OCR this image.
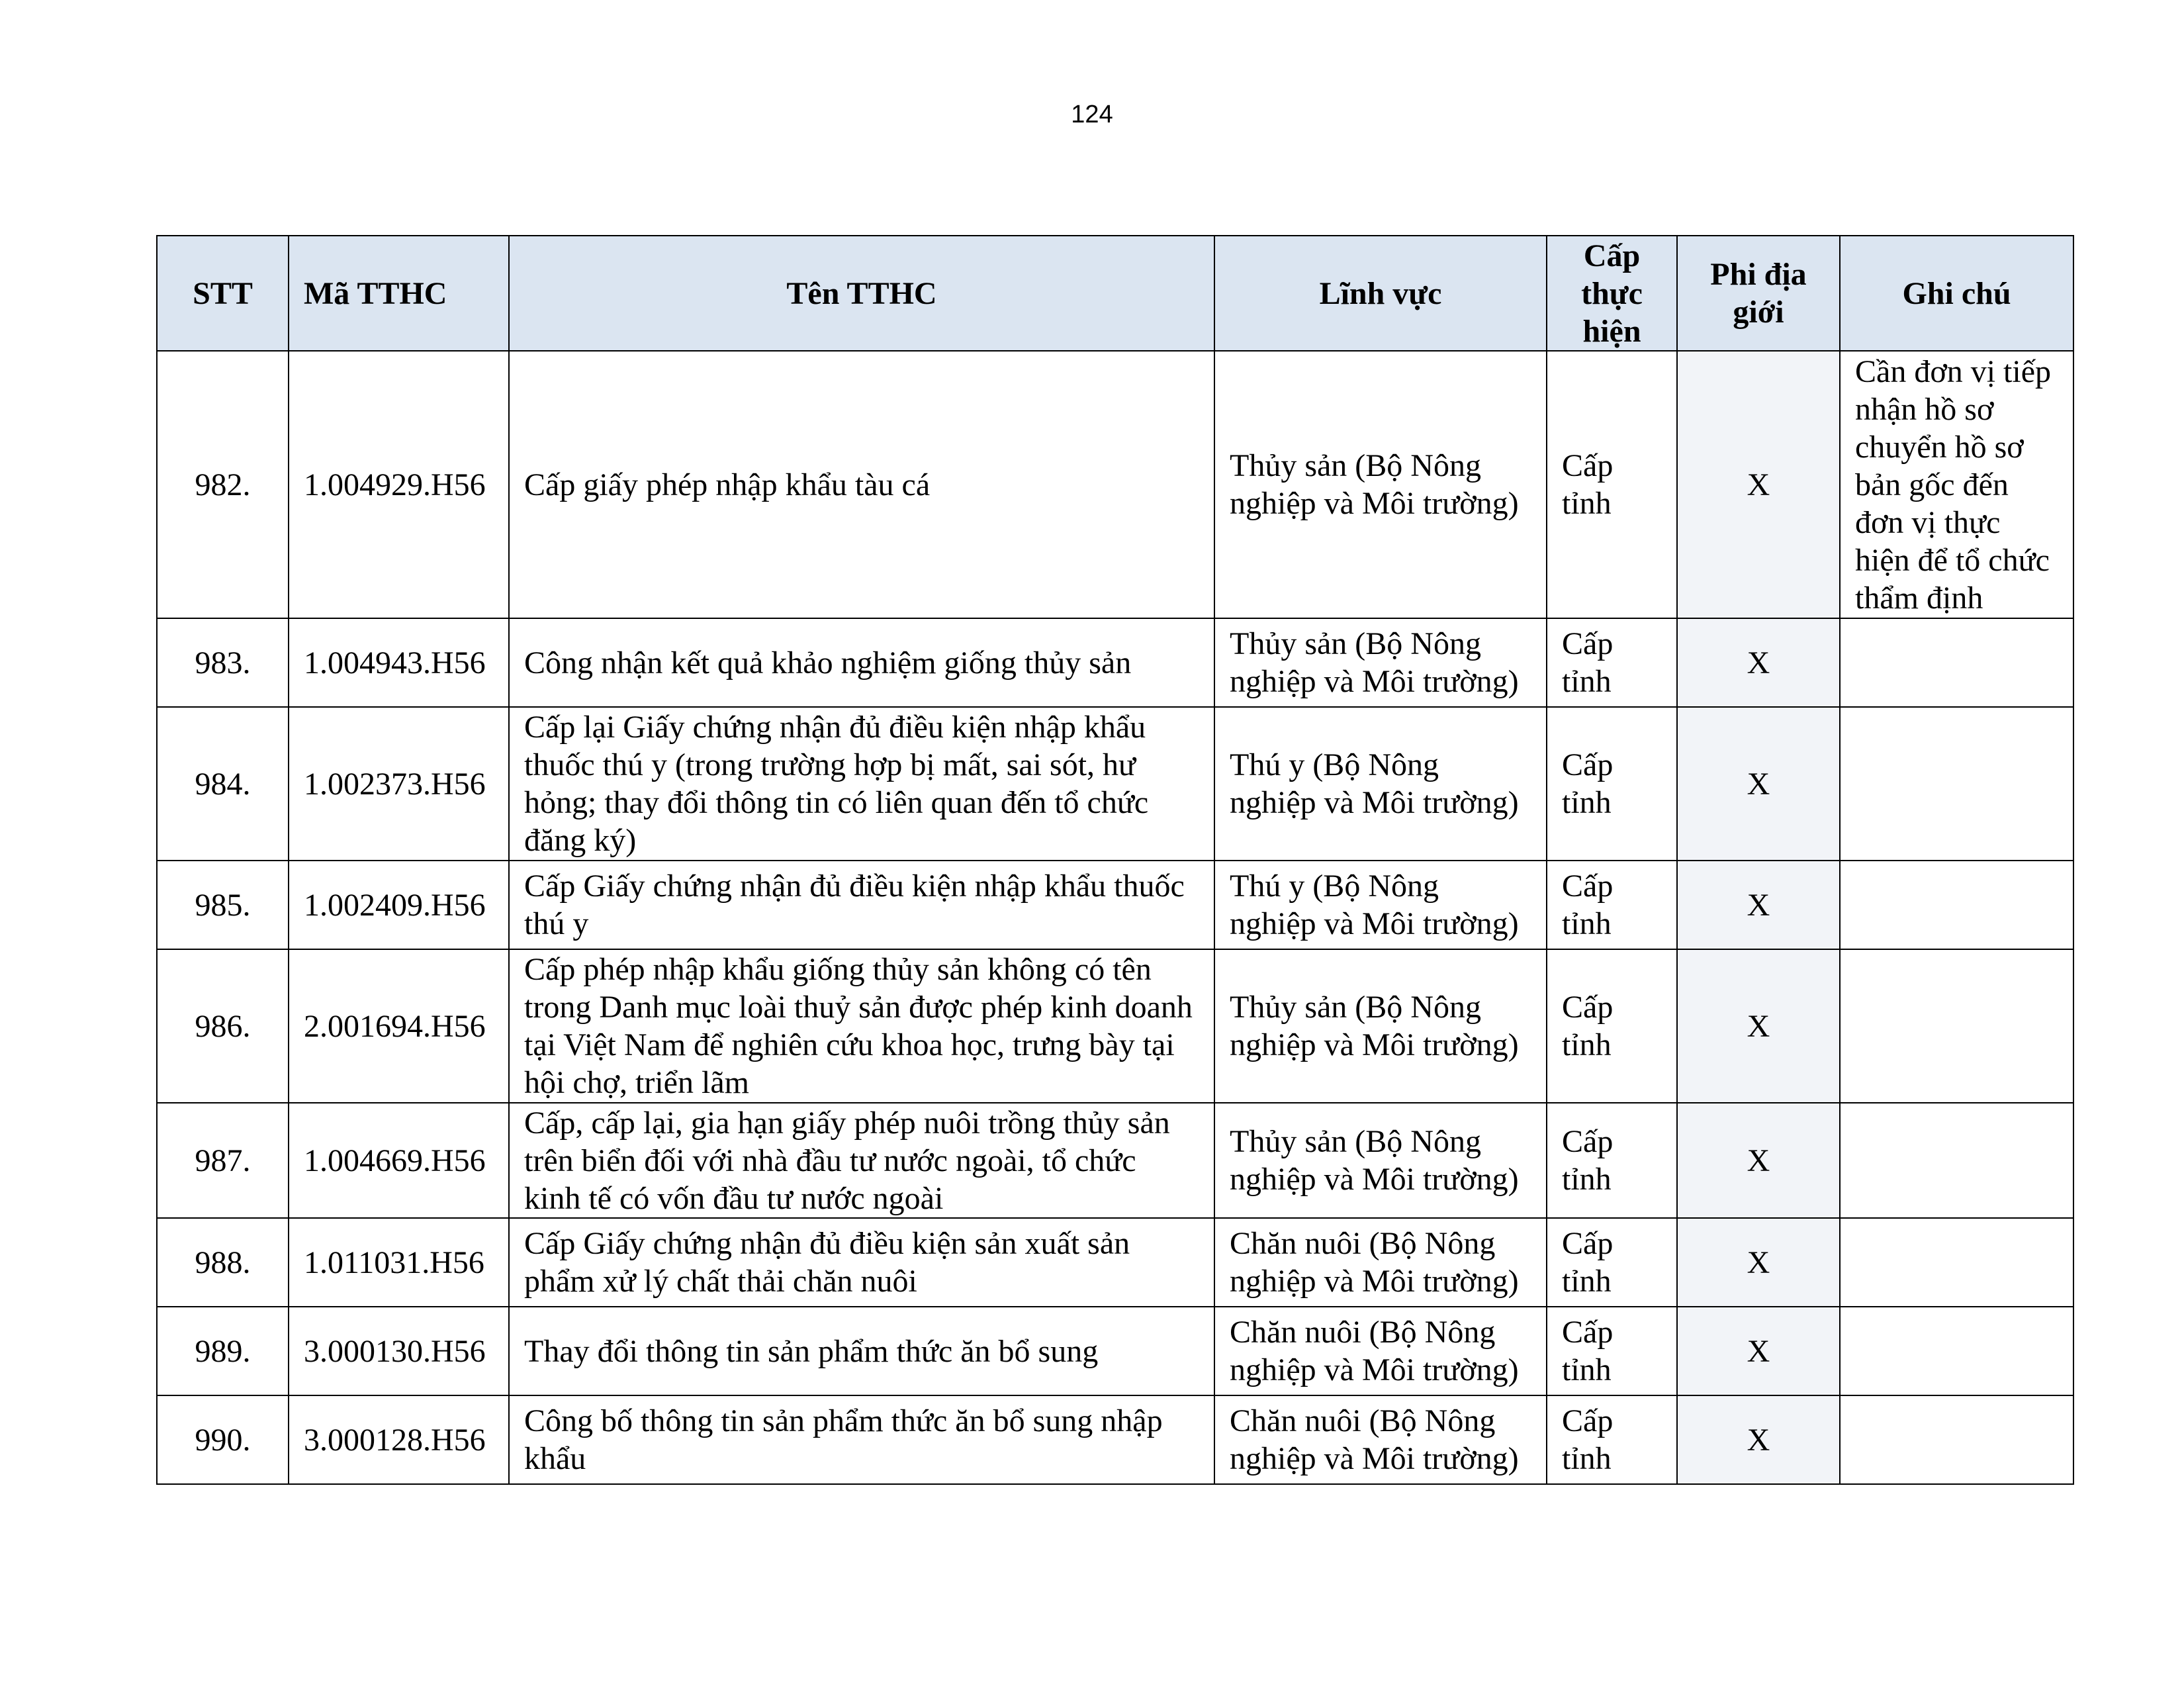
124
STT	Mã TTHC	Tên TTHC	Lĩnh vực	Cấp thực hiện	Phi địa giới	Ghi chú
982.	1.004929.H56	Cấp giấy phép nhập khẩu tàu cá	Thủy sản (Bộ Nông nghiệp và Môi trường)	Cấp tỉnh	X	Cần đơn vị tiếp nhận hồ sơ chuyển hồ sơ bản gốc đến đơn vị thực hiện để tổ chức thẩm định
983.	1.004943.H56	Công nhận kết quả khảo nghiệm giống thủy sản	Thủy sản (Bộ Nông nghiệp và Môi trường)	Cấp tỉnh	X	
984.	1.002373.H56	Cấp lại Giấy chứng nhận đủ điều kiện nhập khẩu thuốc thú y (trong trường hợp bị mất, sai sót, hư hỏng; thay đổi thông tin có liên quan đến tổ chức đăng ký)	Thú y (Bộ Nông nghiệp và Môi trường)	Cấp tỉnh	X	
985.	1.002409.H56	Cấp Giấy chứng nhận đủ điều kiện nhập khẩu thuốc thú y	Thú y (Bộ Nông nghiệp và Môi trường)	Cấp tỉnh	X	
986.	2.001694.H56	Cấp phép nhập khẩu giống thủy sản không có tên trong Danh mục loài thuỷ sản được phép kinh doanh tại Việt Nam để nghiên cứu khoa học, trưng bày tại hội chợ, triển lãm	Thủy sản (Bộ Nông nghiệp và Môi trường)	Cấp tỉnh	X	
987.	1.004669.H56	Cấp, cấp lại, gia hạn giấy phép nuôi trồng thủy sản trên biển đối với nhà đầu tư nước ngoài, tổ chức kinh tế có vốn đầu tư nước ngoài	Thủy sản (Bộ Nông nghiệp và Môi trường)	Cấp tỉnh	X	
988.	1.011031.H56	Cấp Giấy chứng nhận đủ điều kiện sản xuất sản phẩm xử lý chất thải chăn nuôi	Chăn nuôi (Bộ Nông nghiệp và Môi trường)	Cấp tỉnh	X	
989.	3.000130.H56	Thay đổi thông tin sản phẩm thức ăn bổ sung	Chăn nuôi (Bộ Nông nghiệp và Môi trường)	Cấp tỉnh	X	
990.	3.000128.H56	Công bố thông tin sản phẩm thức ăn bổ sung nhập khẩu	Chăn nuôi (Bộ Nông nghiệp và Môi trường)	Cấp tỉnh	X	
